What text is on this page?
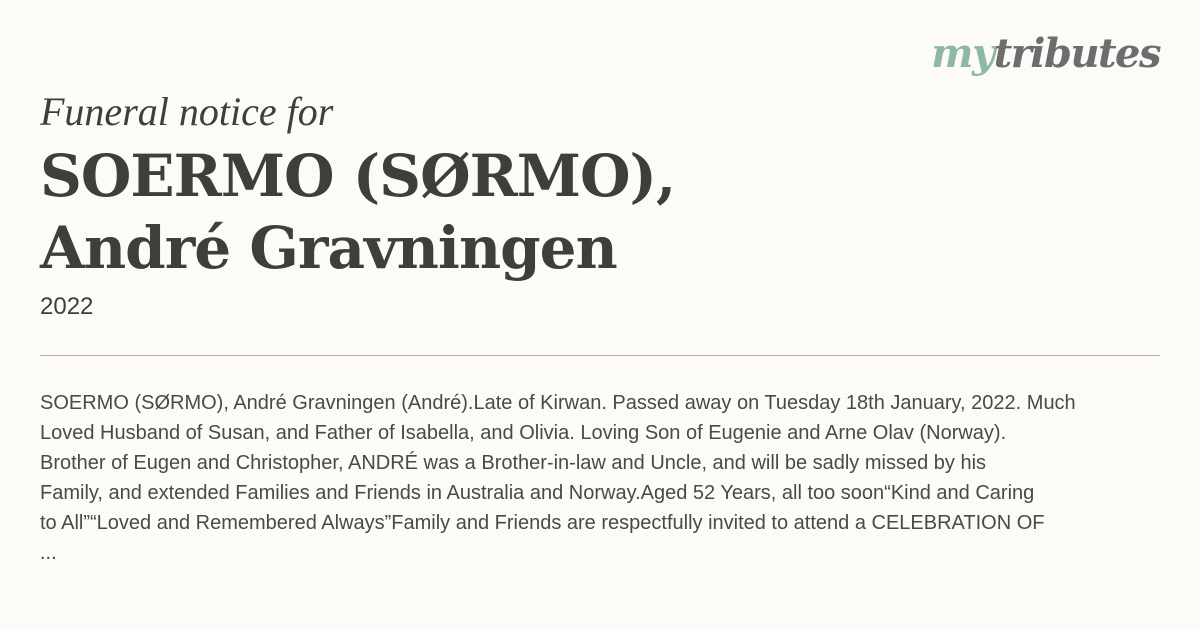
mytributes
Funeral notice for
SOERMO (SØRMO),
André Gravningen
2022
SOERMO (SØRMO), André Gravningen (André).Late of Kirwan. Passed away on Tuesday 18th January, 2022. Much
Loved Husband of Susan, and Father of Isabella, and Olivia. Loving Son of Eugenie and Arne Olav (Norway).
Brother of Eugen and Christopher, ANDRÉ was a Brother-in-law and Uncle, and will be sadly missed by his
Family, and extended Families and Friends in Australia and Norway.Aged 52 Years, all too soon“Kind and Caring
to All”“Loved and Remembered Always”Family and Friends are respectfully invited to attend a CELEBRATION OF
...
